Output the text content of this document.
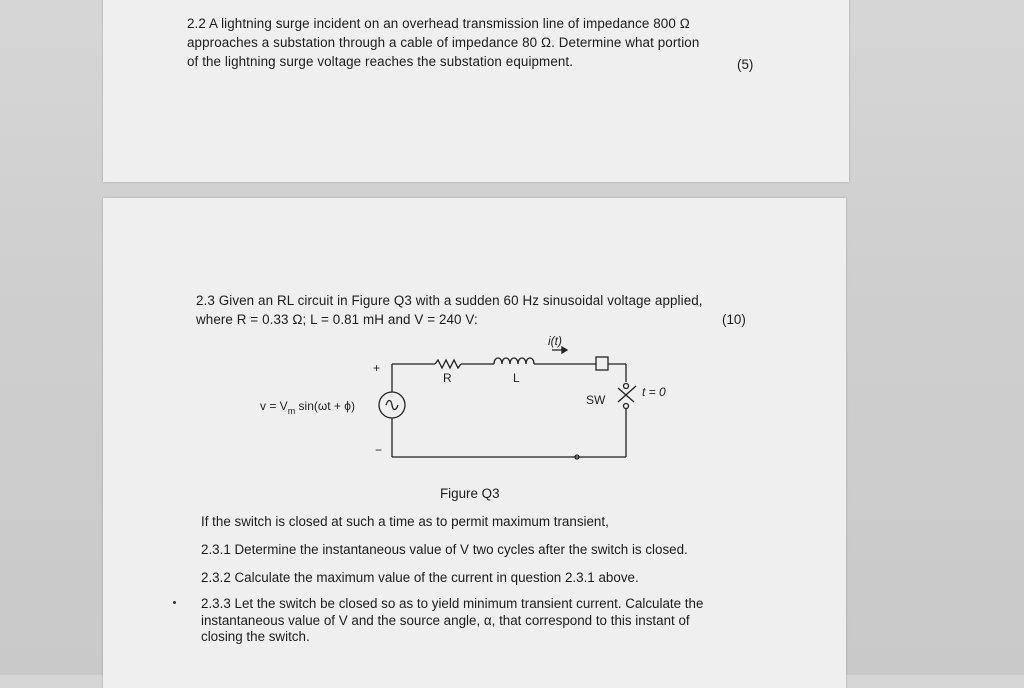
2.2 A lightning surge incident on an overhead transmission line of impedance 800 Ω
approaches a substation through a cable of impedance 80 Ω. Determine what portion
of the lightning surge voltage reaches the substation equipment.	(5)
2.3 Given an RL circuit in Figure Q3 with a sudden 60 Hz sinusoidal voltage applied,
where R = 0.33 Ω; L = 0.81 mH and V = 240 V:	(10)
+
−
R	L
i(t)
SW
t = 0
$v = V_m$ sin(ωt + ϕ)
Figure Q3
If the switch is closed at such a time as to permit maximum transient,
2.3.1 Determine the instantaneous value of V two cycles after the switch is closed.
2.3.2 Calculate the maximum value of the current in question 2.3.1 above.
2.3.3 Let the switch be closed so as to yield minimum transient current. Calculate the
instantaneous value of V and the source angle, α, that correspond to this instant of
closing the switch.
